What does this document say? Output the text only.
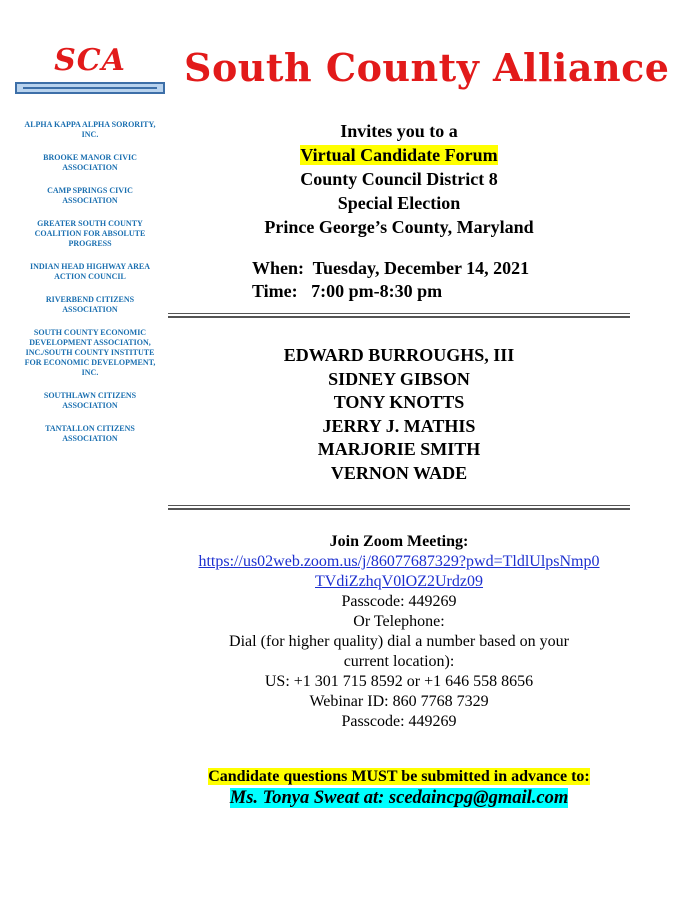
SCA	South County Alliance
ALPHA KAPPA ALPHA SORORITY, INC.
BROOKE MANOR CIVIC ASSOCIATION
CAMP SPRINGS CIVIC ASSOCIATION
GREATER SOUTH COUNTY COALITION FOR ABSOLUTE PROGRESS
INDIAN HEAD HIGHWAY AREA ACTION COUNCIL
RIVERBEND CITIZENS ASSOCIATION
SOUTH COUNTY ECONOMIC DEVELOPMENT ASSOCIATION, INC./SOUTH COUNTY INSTITUTE FOR ECONOMIC DEVELOPMENT, INC.
SOUTHLAWN CITIZENS ASSOCIATION
TANTALLON CITIZENS ASSOCIATION
Invites you to a
Virtual Candidate Forum
County Council District 8
Special Election
Prince George’s County, Maryland
When:  Tuesday, December 14, 2021
Time:   7:00 pm-8:30 pm
EDWARD BURROUGHS, III
SIDNEY GIBSON
TONY KNOTTS
JERRY J. MATHIS
MARJORIE SMITH
VERNON WADE
Join Zoom Meeting:
https://us02web.zoom.us/j/86077687329?pwd=TldlUlpsNmp0
TVdiZzhqV0lOZ2Urdz09
Passcode: 449269
Or Telephone:
Dial (for higher quality) dial a number based on your
current location):
US: +1 301 715 8592 or +1 646 558 8656
Webinar ID: 860 7768 7329
Passcode: 449269
Candidate questions MUST be submitted in advance to:
Ms. Tonya Sweat at: scedaincpg@gmail.com
